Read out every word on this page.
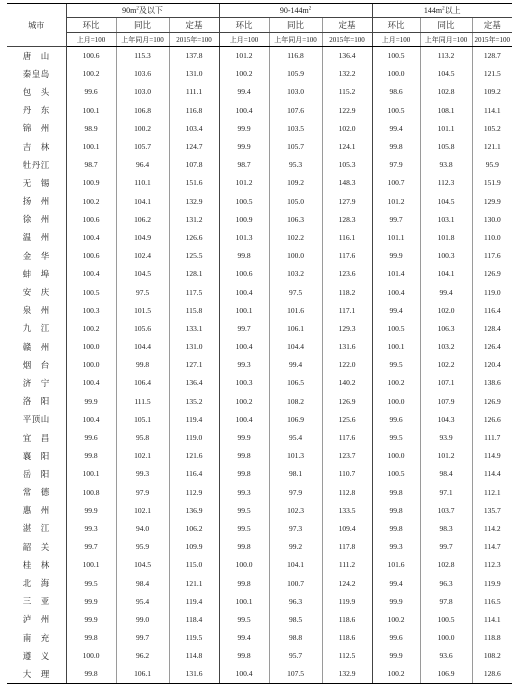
城市	$90m^2$及以下			$90-144m^2$			$144m^2$以上		
	环比	同比	定基	环比	同比	定基	环比	同比	定基
	上月=100	上年同月=100	2015年=100	上月=100	上年同月=100	2015年=100	上月=100	上年同月=100	2015年=100
唐　山	100.6	115.3	137.8	101.2	116.8	136.4	100.5	113.2	128.7
秦皇岛	100.2	103.6	131.0	100.2	105.9	132.2	100.0	104.5	121.5
包　头	99.6	103.0	111.1	99.4	103.0	115.2	98.6	102.8	109.2
丹　东	100.1	106.8	116.8	100.4	107.6	122.9	100.5	108.1	114.1
锦　州	98.9	100.2	103.4	99.9	103.5	102.0	99.4	101.1	105.2
吉　林	100.1	105.7	124.7	99.9	105.7	124.1	99.8	105.8	121.1
牡丹江	98.7	96.4	107.8	98.7	95.3	105.3	97.9	93.8	95.9
无　锡	100.9	110.1	151.6	101.2	109.2	148.3	100.7	112.3	151.9
扬　州	100.2	104.1	132.9	100.5	105.0	127.9	101.2	104.5	129.9
徐　州	100.6	106.2	131.2	100.9	106.3	128.3	99.7	103.1	130.0
温　州	100.4	104.9	126.6	101.3	102.2	116.1	101.1	101.8	110.0
金　华	100.6	102.4	125.5	99.8	100.0	117.6	99.9	100.3	117.6
蚌　埠	100.4	104.5	128.1	100.6	103.2	123.6	101.4	104.1	126.9
安　庆	100.5	97.5	117.5	100.4	97.5	118.2	100.4	99.4	119.0
泉　州	100.3	101.5	115.8	100.1	101.6	117.1	99.4	102.0	116.4
九　江	100.2	105.6	133.1	99.7	106.1	129.3	100.5	106.3	128.4
赣　州	100.0	104.4	131.0	100.4	104.4	131.6	100.1	103.2	126.4
烟　台	100.0	99.8	127.1	99.3	99.4	122.0	99.5	102.2	120.4
济　宁	100.4	106.4	136.4	100.3	106.5	140.2	100.2	107.1	138.6
洛　阳	99.9	111.5	135.2	100.2	108.2	126.9	100.0	107.9	126.9
平顶山	100.4	105.1	119.4	100.4	106.9	125.6	99.6	104.3	126.6
宜　昌	99.6	95.8	119.0	99.9	95.4	117.6	99.5	93.9	111.7
襄　阳	99.8	102.1	121.6	99.8	101.3	123.7	100.0	101.2	114.9
岳　阳	100.1	99.3	116.4	99.8	98.1	110.7	100.5	98.4	114.4
常　德	100.8	97.9	112.9	99.3	97.9	112.8	99.8	97.1	112.1
惠　州	99.9	102.1	136.9	99.5	102.3	133.5	99.8	103.7	135.7
湛　江	99.3	94.0	106.2	99.5	97.3	109.4	99.8	98.3	114.2
韶　关	99.7	95.9	109.9	99.8	99.2	117.8	99.3	99.7	114.7
桂　林	100.1	104.5	115.0	100.0	104.1	111.2	101.6	102.8	112.3
北　海	99.5	98.4	121.1	99.8	100.7	124.2	99.4	96.3	119.9
三　亚	99.9	95.4	119.4	100.1	96.3	119.9	99.9	97.8	116.5
泸　州	99.9	99.0	118.4	99.5	98.5	118.6	100.2	100.5	114.1
南　充	99.8	99.7	119.5	99.4	98.8	118.6	99.6	100.0	118.8
遵　义	100.0	96.2	114.8	99.8	95.7	112.5	99.9	93.6	108.2
大　理	99.8	106.1	131.6	100.4	107.5	132.9	100.2	106.9	128.6
